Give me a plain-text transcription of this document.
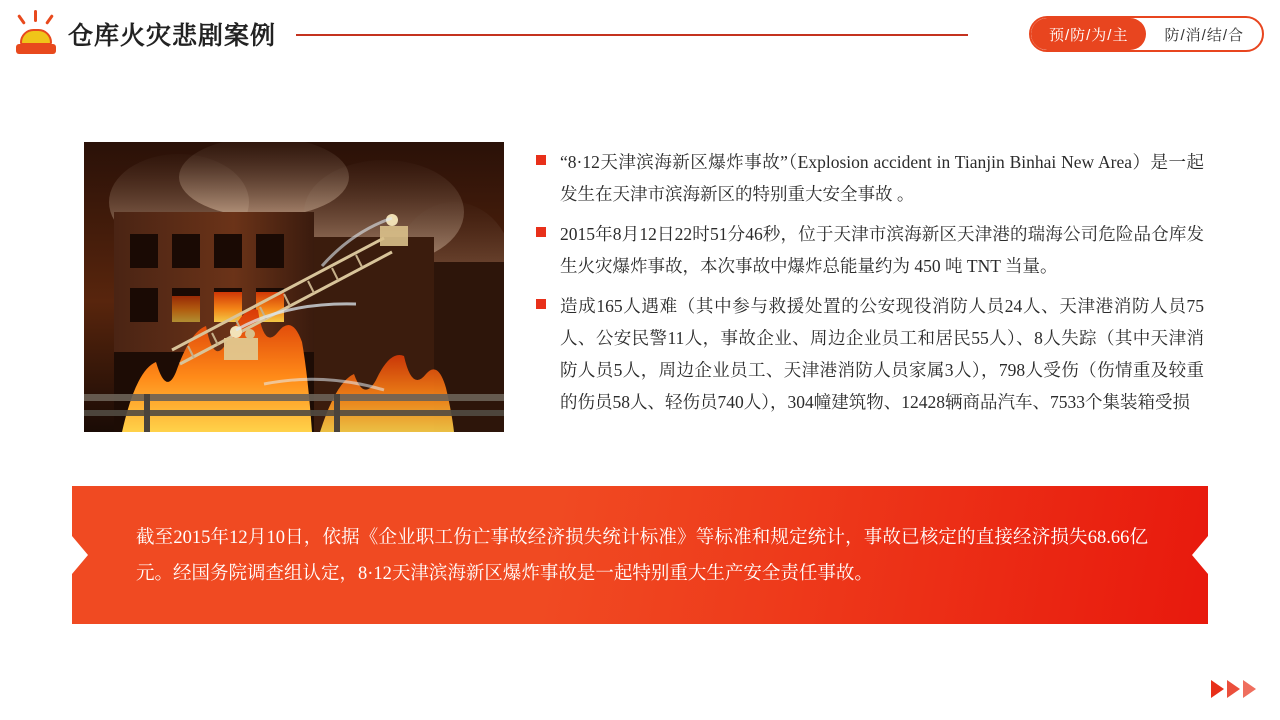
仓库火灾悲剧案例	预/防/为/主	防/消/结/合
“8·12天津滨海新区爆炸事故”（Explosion accident in Tianjin Binhai New Area）是一起发生在天津市滨海新区的特别重大安全事故 。
2015年8月12日22时51分46秒，位于天津市滨海新区天津港的瑞海公司危险品仓库发生火灾爆炸事故，本次事故中爆炸总能量约为 450 吨 TNT 当量。
造成165人遇难（其中参与救援处置的公安现役消防人员24人、天津港消防人员75人、公安民警11人，事故企业、周边企业员工和居民55人）、8人失踪（其中天津消防人员5人，周边企业员工、天津港消防人员家属3人），798人受伤（伤情重及较重的伤员58人、轻伤员740人），304幢建筑物、12428辆商品汽车、7533个集装箱受损
截至2015年12月10日，依据《企业职工伤亡事故经济损失统计标准》等标准和规定统计，事故已核定的直接经济损失68.66亿元。经国务院调查组认定，8·12天津滨海新区爆炸事故是一起特别重大生产安全责任事故。
